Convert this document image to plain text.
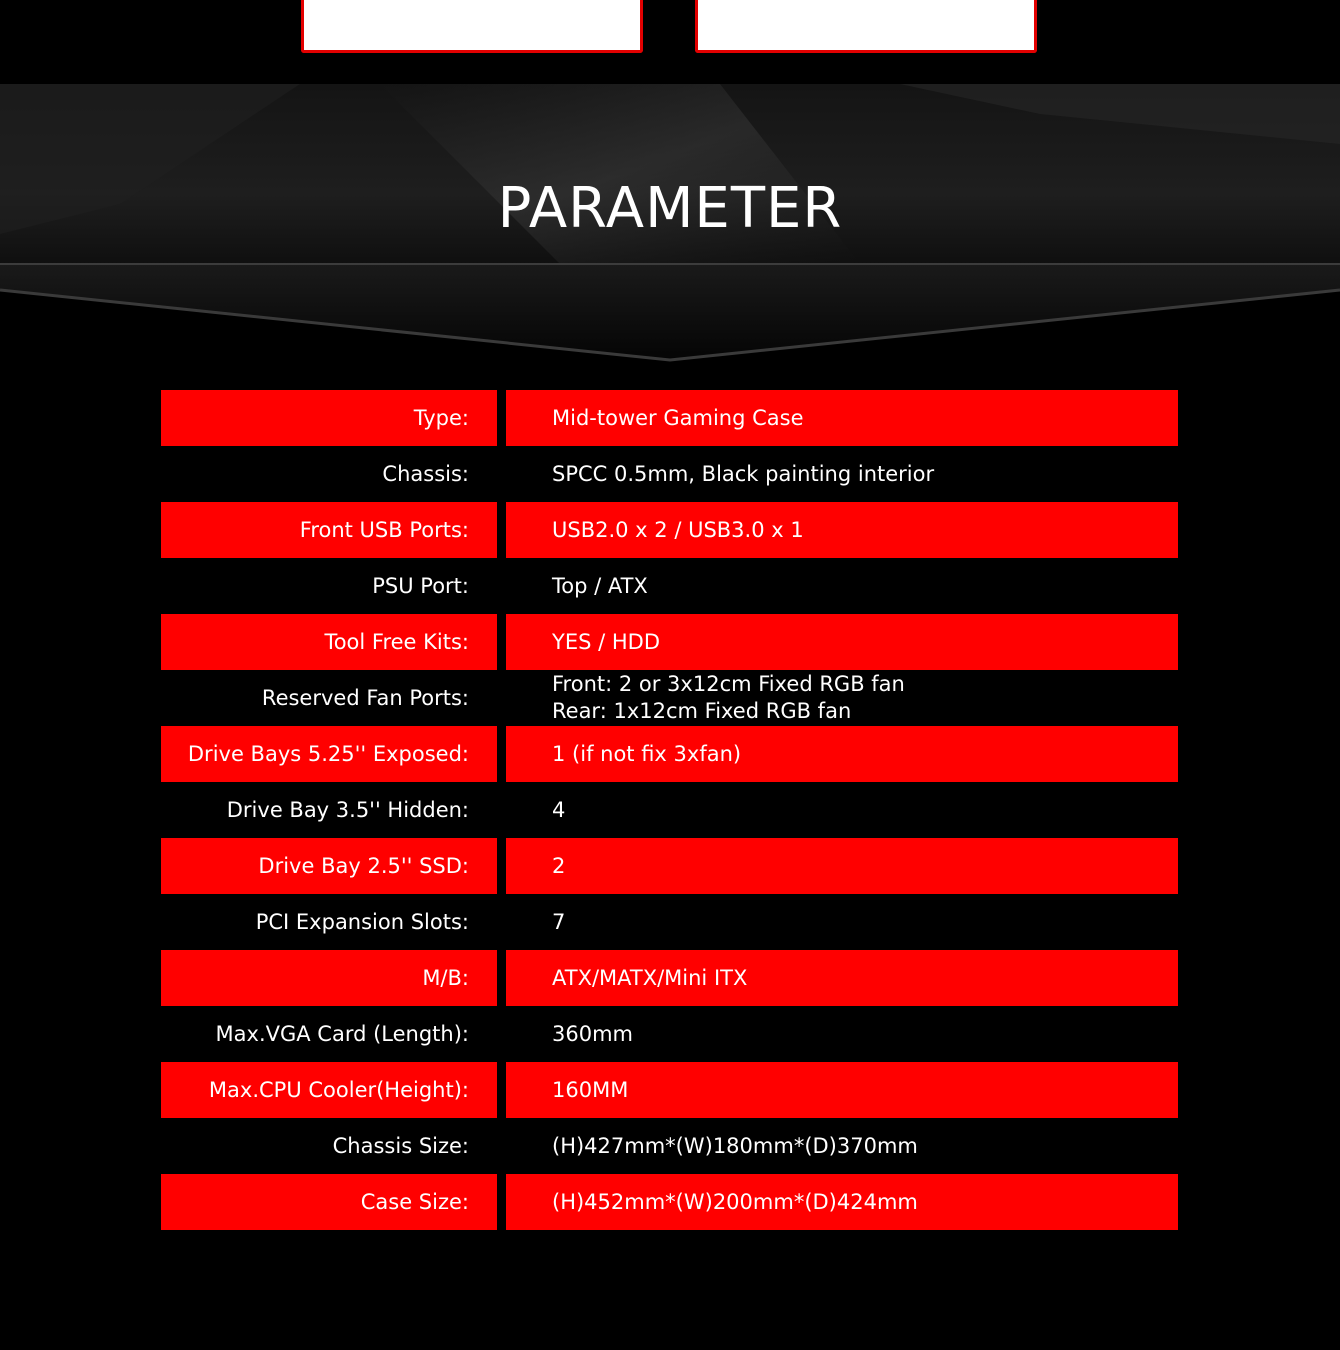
PARAMETER
Type:	Mid-tower Gaming Case
Chassis:	SPCC 0.5mm, Black painting interior
Front USB Ports:	USB2.0 x 2 / USB3.0 x 1
PSU Port:	Top / ATX
Tool Free Kits:	YES / HDD
Reserved Fan Ports:
Front: 2 or 3x12cm Fixed RGB fan
Rear: 1x12cm Fixed RGB fan
Drive Bays 5.25'' Exposed:	1 (if not fix 3xfan)
Drive Bay 3.5'' Hidden:	4
Drive Bay 2.5'' SSD:	2
PCI Expansion Slots:	7
M/B:	ATX/MATX/Mini ITX
Max.VGA Card (Length):	360mm
Max.CPU Cooler(Height):	160MM
Chassis Size:	(H)427mm*(W)180mm*(D)370mm
Case Size:	(H)452mm*(W)200mm*(D)424mm
